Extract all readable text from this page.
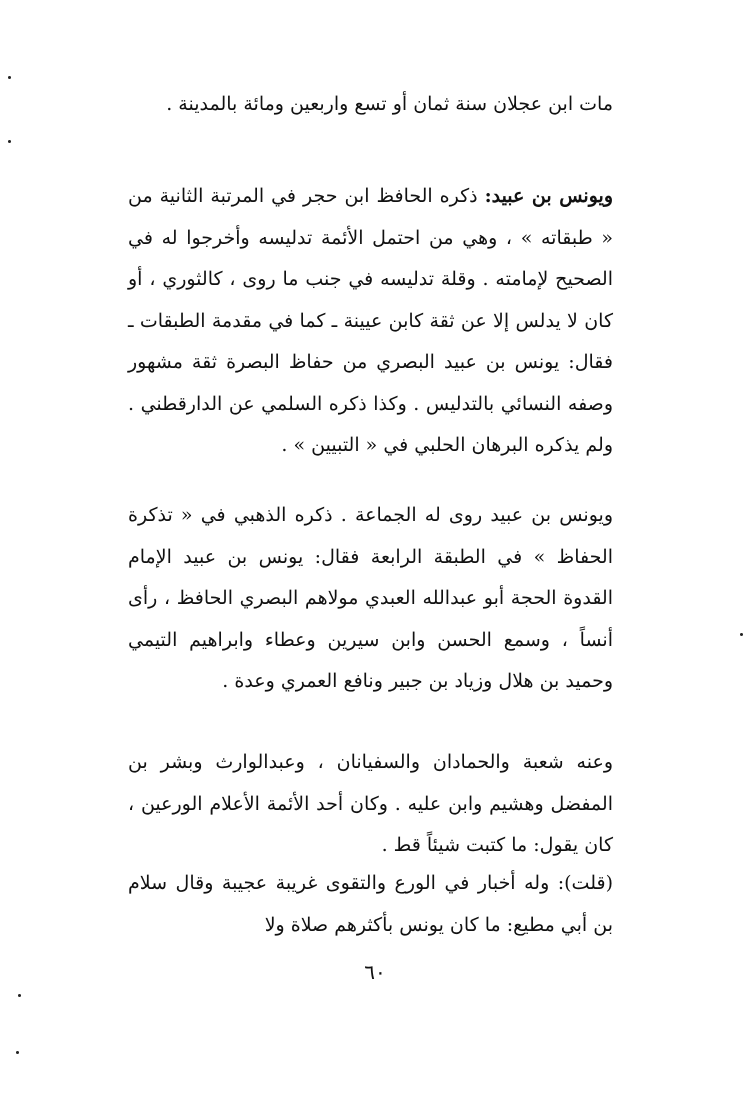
مات ابن عجلان سنة ثمان أو تسع واربعين ومائة بالمدينة .

ويونس بن عبيد: ذكره الحافظ ابن حجر في المرتبة الثانية من « طبقاته » ، وهي من احتمل الأئمة تدليسه وأخرجوا له في الصحيح لإمامته . وقلة تدليسه في جنب ما روى ، كالثوري ، أو كان لا يدلس إلا عن ثقة كابن عيينة ـ كما في مقدمة الطبقات ـ فقال: يونس بن عبيد البصري من حفاظ البصرة ثقة مشهور وصفه النسائي بالتدليس . وكذا ذكره السلمي عن الدارقطني . ولم يذكره البرهان الحلبي في « التبيين » .

ويونس بن عبيد روى له الجماعة . ذكره الذهبي في « تذكرة الحفاظ » في الطبقة الرابعة فقال: يونس بن عبيد الإمام القدوة الحجة أبو عبدالله العبدي مولاهم البصري الحافظ ، رأى أنساً ، وسمع الحسن وابن سيرين وعطاء وابراهيم التيمي وحميد بن هلال وزياد بن جبير ونافع العمري وعدة .

وعنه شعبة والحمادان والسفيانان ، وعبدالوارث وبشر بن المفضل وهشيم وابن عليه . وكان أحد الأئمة الأعلام الورعين ، كان يقول: ما كتبت شيئاً قط .

(قلت): وله أخبار في الورع والتقوى غريبة عجيبة وقال سلام بن أبي مطيع: ما كان يونس بأكثرهم صلاة ولا

٦٠
